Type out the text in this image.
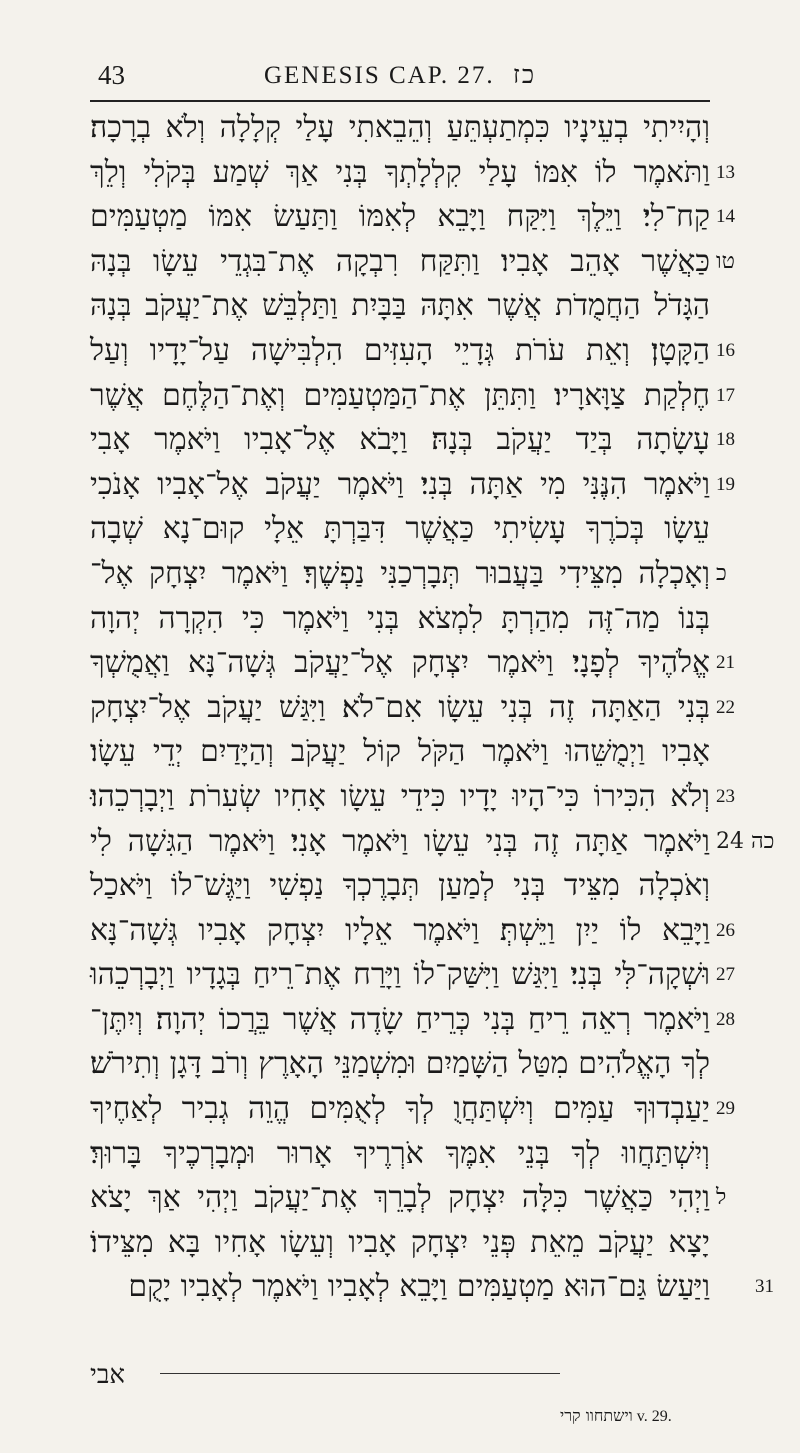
43	GENESIS CAP. 27. כז
וְהָיִיתִי בְעֵינָיו כִּמְתַעְתֵּעַ וְהֵבֵאתִי עָלַי קְלָלָה וְלֹא בְרָכָה׃
וַתֹּאמֶר לוֹ אִמּוֹ עָלַי קִלְלָתְךָ בְּנִי אַךְ שְׁמַע בְּקֹלִי וְלֵךְ 13
קַח־לִי׃ וַיֵּלֶךְ וַיִּקַּח וַיָּבֵא לְאִמּוֹ וַתַּעַשׂ אִמּוֹ מַטְעַמִּים 14
כַּאֲשֶׁר אָהֵב אָבִיו׃ וַתִּקַּח רִבְקָה אֶת־בִּגְדֵי עֵשָׂו בְּנָהּ טו
הַגָּדֹל הַחֲמֻדֹת אֲשֶׁר אִתָּהּ בַּבָּיִת וַתַּלְבֵּשׁ אֶת־יַעֲקֹב בְּנָהּ
הַקָּטָן׃ וְאֵת עֹרֹת גְּדָיֵי הָעִזִּים הִלְבִּישָׁה עַל־יָדָיו וְעַל 16
חֶלְקַת צַוָּארָיו׃ וַתִּתֵּן אֶת־הַמַּטְעַמִּים וְאֶת־הַלֶּחֶם אֲשֶׁר 17
עָשָׂתָה בְּיַד יַעֲקֹב בְּנָהּ׃ וַיָּבֹא אֶל־אָבִיו וַיֹּאמֶר אָבִי 18
וַיֹּאמֶר הִנֶּנִּי מִי אַתָּה בְּנִי׃ וַיֹּאמֶר יַעֲקֹב אֶל־אָבִיו אָנֹכִי 19
עֵשָׂו בְּכֹרֶךָ עָשִׂיתִי כַּאֲשֶׁר דִּבַּרְתָּ אֵלָי קוּם־נָא שְׁבָה
וְאָכְלָה מִצֵּידִי בַּעֲבוּר תְּבָרְכַנִּי נַפְשֶׁךָ׃ וַיֹּאמֶר יִצְחָק אֶל־ כ
בְּנוֹ מַה־זֶּה מִהַרְתָּ לִמְצֹא בְּנִי וַיֹּאמֶר כִּי הִקְרָה יְהוָה
אֱלֹהֶיךָ לְפָנָי׃ וַיֹּאמֶר יִצְחָק אֶל־יַעֲקֹב גְּשָׁה־נָּא וַאֲמֻשְׁךָ 21
בְּנִי הַאַתָּה זֶה בְּנִי עֵשָׂו אִם־לֹא׃ וַיִּגַּשׁ יַעֲקֹב אֶל־יִצְחָק 22
אָבִיו וַיְמֻשֵּׁהוּ וַיֹּאמֶר הַקֹּל קוֹל יַעֲקֹב וְהַיָּדַיִם יְדֵי עֵשָׂו׃
וְלֹא הִכִּירוֹ כִּי־הָיוּ יָדָיו כִּידֵי עֵשָׂו אָחִיו שְׂעִרֹת וַיְבָרְכֵהוּ׃ 23
וַיֹּאמֶר אַתָּה זֶה בְּנִי עֵשָׂו וַיֹּאמֶר אָנִי׃ וַיֹּאמֶר הַגִּשָׁה לִי 24 כה
וְאֹכְלָה מִצֵּיד בְּנִי לְמַעַן תְּבָרֶכְךָ נַפְשִׁי וַיַּגֶּשׁ־לוֹ וַיֹּאכַל
וַיָּבֵא לוֹ יַיִן וַיֵּשְׁתְּ׃ וַיֹּאמֶר אֵלָיו יִצְחָק אָבִיו גְּשָׁה־נָּא 26
וּשְׁקָה־לִּי בְּנִי׃ וַיִּגַּשׁ וַיִּשַּׁק־לוֹ וַיָּרַח אֶת־רֵיחַ בְּגָדָיו וַיְבָרְכֵהוּ 27
וַיֹּאמֶר רְאֵה רֵיחַ בְּנִי כְּרֵיחַ שָׂדֶה אֲשֶׁר בֵּרֲכוֹ יְהוָה׃ וְיִתֶּן־ 28
לְךָ הָאֱלֹהִים מִטַּל הַשָּׁמַיִם וּמִשְׁמַנֵּי הָאָרֶץ וְרֹב דָּגָן וְתִירֹשׁ׃
יַעַבְדוּךָ עַמִּים וְיִשְׁתַּחֲוֻ לְךָ לְאֻמִּים הֱוֵה גְבִיר לְאַחֶיךָ 29
וְיִשְׁתַּחֲווּ לְךָ בְּנֵי אִמֶּךָ אֹרְרֶיךָ אָרוּר וּמְבָרְכֶיךָ בָּרוּךְ׃
וַיְהִי כַּאֲשֶׁר כִּלָּה יִצְחָק לְבָרֵךְ אֶת־יַעֲקֹב וַיְהִי אַךְ יָצֹא ל
יָצָא יַעֲקֹב מֵאֵת פְּנֵי יִצְחָק אָבִיו וְעֵשָׂו אָחִיו בָּא מִצֵּידוֹ׃
וַיַּעַשׂ גַּם־הוּא מַטְעַמִּים וַיָּבֵא לְאָבִיו וַיֹּאמֶר לְאָבִיו יָקֻם	31
אבי
וישתחוו קרי v. 29.
